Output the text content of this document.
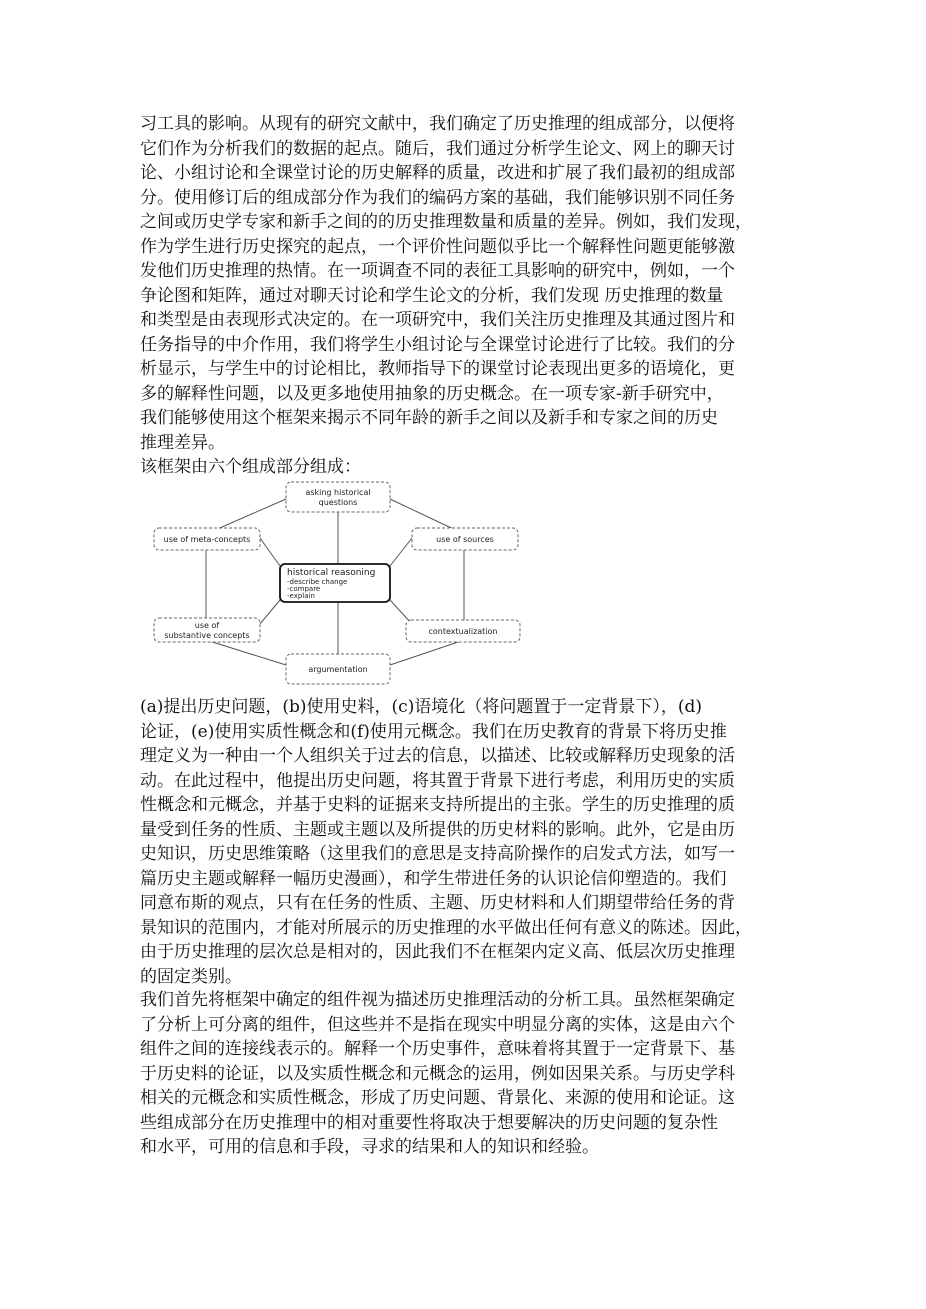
习工具的影响。从现有的研究文献中，我们确定了历史推理的组成部分，以便将
它们作为分析我们的数据的起点。随后，我们通过分析学生论文、网上的聊天讨
论、小组讨论和全课堂讨论的历史解释的质量，改进和扩展了我们最初的组成部
分。使用修订后的组成部分作为我们的编码方案的基础，我们能够识别不同任务
之间或历史学专家和新手之间的的历史推理数量和质量的差异。例如，我们发现，
作为学生进行历史探究的起点，一个评价性问题似乎比一个解释性问题更能够激
发他们历史推理的热情。在一项调查不同的表征工具影响的研究中，例如，一个
争论图和矩阵，通过对聊天讨论和学生论文的分析，我们发现 历史推理的数量
和类型是由表现形式决定的。在一项研究中，我们关注历史推理及其通过图片和
任务指导的中介作用，我们将学生小组讨论与全课堂讨论进行了比较。我们的分
析显示，与学生中的讨论相比，教师指导下的课堂讨论表现出更多的语境化，更
多的解释性问题，以及更多地使用抽象的历史概念。在一项专家-新手研究中，
我们能够使用这个框架来揭示不同年龄的新手之间以及新手和专家之间的历史
推理差异。
该框架由六个组成部分组成：
asking historical
questions
use of meta-concepts	use of sources
historical reasoning
-describe change
-compare
-explain
use of
substantive concepts	contextualization
argumentation
(a)提出历史问题，(b)使用史料，(c)语境化（将问题置于一定背景下），(d)
论证，(e)使用实质性概念和(f)使用元概念。我们在历史教育的背景下将历史推
理定义为一种由一个人组织关于过去的信息，以描述、比较或解释历史现象的活
动。在此过程中，他提出历史问题，将其置于背景下进行考虑，利用历史的实质
性概念和元概念，并基于史料的证据来支持所提出的主张。学生的历史推理的质
量受到任务的性质、主题或主题以及所提供的历史材料的影响。此外，它是由历
史知识，历史思维策略（这里我们的意思是支持高阶操作的启发式方法，如写一
篇历史主题或解释一幅历史漫画），和学生带进任务的认识论信仰塑造的。我们
同意布斯的观点，只有在任务的性质、主题、历史材料和人们期望带给任务的背
景知识的范围内，才能对所展示的历史推理的水平做出任何有意义的陈述。因此，
由于历史推理的层次总是相对的，因此我们不在框架内定义高、低层次历史推理
的固定类别。
我们首先将框架中确定的组件视为描述历史推理活动的分析工具。虽然框架确定
了分析上可分离的组件，但这些并不是指在现实中明显分离的实体，这是由六个
组件之间的连接线表示的。解释一个历史事件，意味着将其置于一定背景下、基
于历史料的论证，以及实质性概念和元概念的运用，例如因果关系。与历史学科
相关的元概念和实质性概念，形成了历史问题、背景化、来源的使用和论证。这
些组成部分在历史推理中的相对重要性将取决于想要解决的历史问题的复杂性
和水平，可用的信息和手段，寻求的结果和人的知识和经验。
